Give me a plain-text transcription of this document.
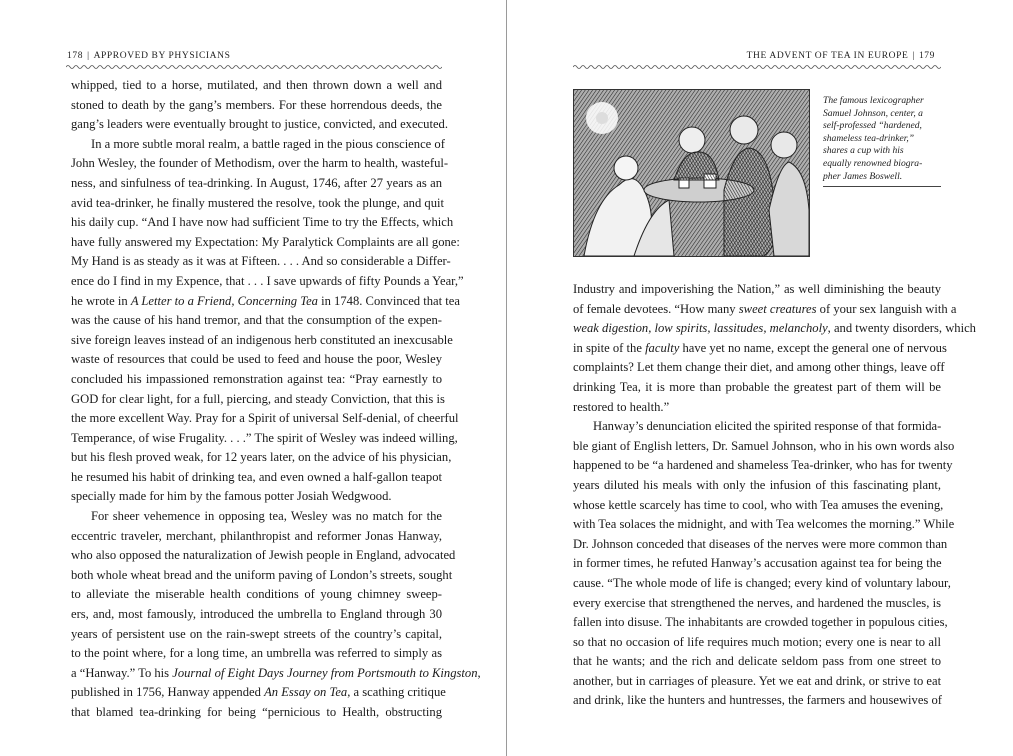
178 | APPROVED BY PHYSICIANS
whipped, tied to a horse, mutilated, and then thrown down a well and
stoned to death by the gang’s members. For these horrendous deeds, the
gang’s leaders were eventually brought to justice, convicted, and executed.
In a more subtle moral realm, a battle raged in the pious conscience of
John Wesley, the founder of Methodism, over the harm to health, wasteful-
ness, and sinfulness of tea-drinking. In August, 1746, after 27 years as an
avid tea-drinker, he finally mustered the resolve, took the plunge, and quit
his daily cup. “And I have now had sufficient Time to try the Effects, which
have fully answered my Expectation: My Paralytick Complaints are all gone:
My Hand is as steady as it was at Fifteen. . . . And so considerable a Differ-
ence do I find in my Expence, that . . . I save upwards of fifty Pounds a Year,”
he wrote in A Letter to a Friend, Concerning Tea in 1748. Convinced that tea
was the cause of his hand tremor, and that the consumption of the expen-
sive foreign leaves instead of an indigenous herb constituted an inexcusable
waste of resources that could be used to feed and house the poor, Wesley
concluded his impassioned remonstration against tea: “Pray earnestly to
GOD for clear light, for a full, piercing, and steady Conviction, that this is
the more excellent Way. Pray for a Spirit of universal Self-denial, of cheerful
Temperance, of wise Frugality. . . .” The spirit of Wesley was indeed willing,
but his flesh proved weak, for 12 years later, on the advice of his physician,
he resumed his habit of drinking tea, and even owned a half-gallon teapot
specially made for him by the famous potter Josiah Wedgwood.
For sheer vehemence in opposing tea, Wesley was no match for the
eccentric traveler, merchant, philanthropist and reformer Jonas Hanway,
who also opposed the naturalization of Jewish people in England, advocated
both whole wheat bread and the uniform paving of London’s streets, sought
to alleviate the miserable health conditions of young chimney sweep-
ers, and, most famously, introduced the umbrella to England through 30
years of persistent use on the rain-swept streets of the country’s capital,
to the point where, for a long time, an umbrella was referred to simply as
a “Hanway.” To his Journal of Eight Days Journey from Portsmouth to Kingston,
published in 1756, Hanway appended An Essay on Tea, a scathing critique
that blamed tea-drinking for being “pernicious to Health, obstructing
THE ADVENT OF TEA IN EUROPE | 179
The famous lexicographer
Samuel Johnson, center, a
self-professed “hardened,
shameless tea-drinker,”
shares a cup with his
equally renowned biogra-
pher James Boswell.
Industry and impoverishing the Nation,” as well diminishing the beauty
of female devotees. “How many sweet creatures of your sex languish with a
weak digestion, low spirits, lassitudes, melancholy, and twenty disorders, which
in spite of the faculty have yet no name, except the general one of nervous
complaints? Let them change their diet, and among other things, leave off
drinking Tea, it is more than probable the greatest part of them will be
restored to health.”
Hanway’s denunciation elicited the spirited response of that formida-
ble giant of English letters, Dr. Samuel Johnson, who in his own words also
happened to be “a hardened and shameless Tea-drinker, who has for twenty
years diluted his meals with only the infusion of this fascinating plant,
whose kettle scarcely has time to cool, who with Tea amuses the evening,
with Tea solaces the midnight, and with Tea welcomes the morning.” While
Dr. Johnson conceded that diseases of the nerves were more common than
in former times, he refuted Hanway’s accusation against tea for being the
cause. “The whole mode of life is changed; every kind of voluntary labour,
every exercise that strengthened the nerves, and hardened the muscles, is
fallen into disuse. The inhabitants are crowded together in populous cities,
so that no occasion of life requires much motion; every one is near to all
that he wants; and the rich and delicate seldom pass from one street to
another, but in carriages of pleasure. Yet we eat and drink, or strive to eat
and drink, like the hunters and huntresses, the farmers and housewives of
